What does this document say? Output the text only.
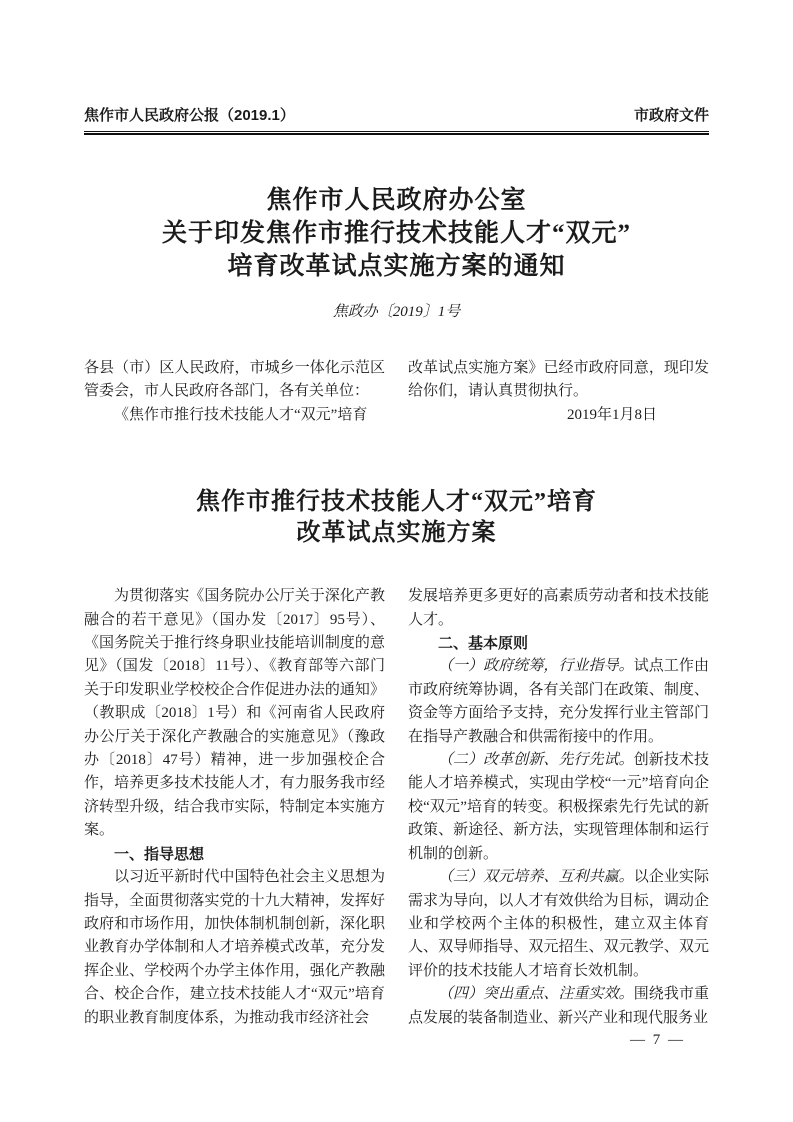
焦作市人民政府公报（2019.1）	市政府文件
焦作市人民政府办公室
关于印发焦作市推行技术技能人才“双元”
培育改革试点实施方案的通知
焦政办〔2019〕1号

各县（市）区人民政府，市城乡一体化示范区管委会，市人民政府各部门，各有关单位：

《焦作市推行技术技能人才“双元”培育

改革试点实施方案》已经市政府同意，现印发给你们，请认真贯彻执行。

2019年1月8日

焦作市推行技术技能人才“双元”培育
改革试点实施方案

为贯彻落实《国务院办公厅关于深化产教融合的若干意见》（国办发〔2017〕95号）、《国务院关于推行终身职业技能培训制度的意见》（国发〔2018〕11号）、《教育部等六部门关于印发职业学校校企合作促进办法的通知》（教职成〔2018〕1号）和《河南省人民政府办公厅关于深化产教融合的实施意见》（豫政办〔2018〕47号）精神，进一步加强校企合作，培养更多技术技能人才，有力服务我市经济转型升级，结合我市实际，特制定本实施方案。

一、指导思想

以习近平新时代中国特色社会主义思想为指导，全面贯彻落实党的十九大精神，发挥好政府和市场作用，加快体制机制创新，深化职业教育办学体制和人才培养模式改革，充分发挥企业、学校两个办学主体作用，强化产教融合、校企合作，建立技术技能人才“双元”培育的职业教育制度体系，为推动我市经济社会

发展培养更多更好的高素质劳动者和技术技能人才。

二、基本原则

（一）政府统筹，行业指导。试点工作由市政府统筹协调，各有关部门在政策、制度、资金等方面给予支持，充分发挥行业主管部门在指导产教融合和供需衔接中的作用。

（二）改革创新、先行先试。创新技术技能人才培养模式，实现由学校“一元”培育向企校“双元”培育的转变。积极探索先行先试的新政策、新途径、新方法，实现管理体制和运行机制的创新。

（三）双元培养、互利共赢。以企业实际需求为导向，以人才有效供给为目标，调动企业和学校两个主体的积极性，建立双主体育人、双导师指导、双元招生、双元教学、双元评价的技术技能人才培育长效机制。

（四）突出重点、注重实效。围绕我市重点发展的装备制造业、新兴产业和现代服务业

— 7 —
